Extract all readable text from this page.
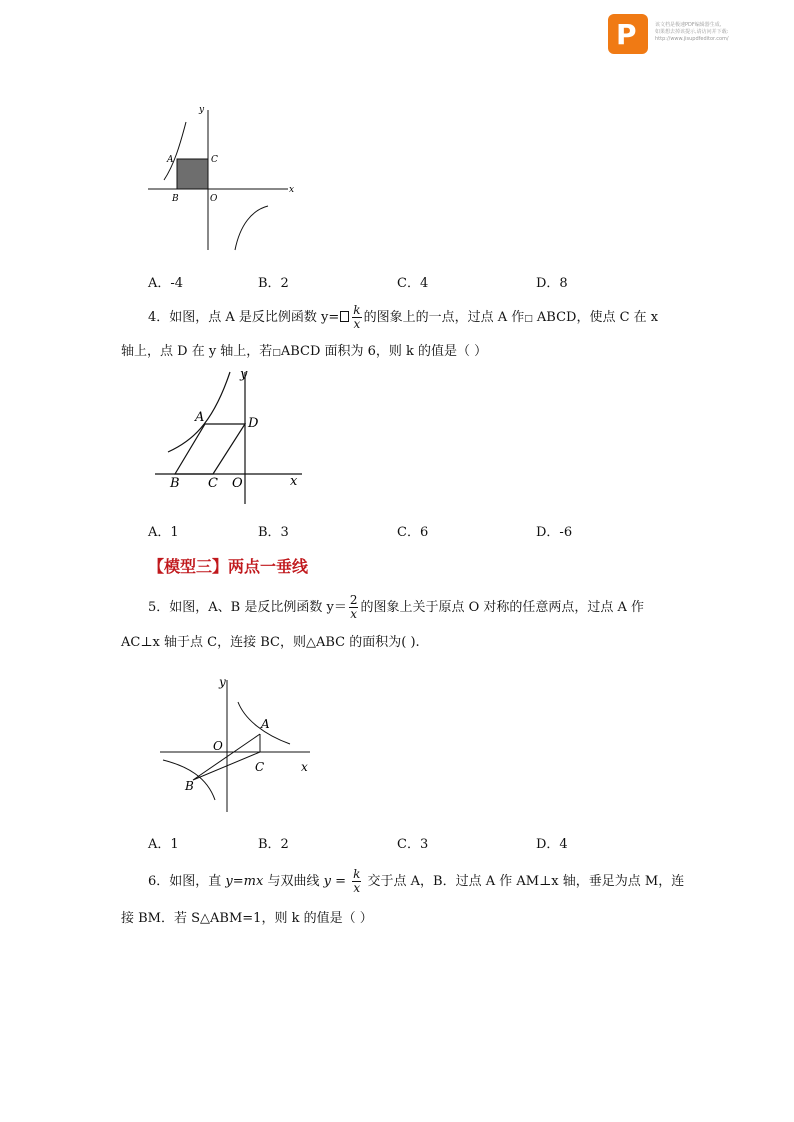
P	该文档是极速PDF编辑器生成,
如果想去掉该提示,请访问并下载:
http://www.jisupdfeditor.com/
y
x
A	C
B	O
A．-4	B．2	C．4	D．8
4．如图，点 A 是反比例函数 $y= \frac{k}{x}$ 的图象上的一点，过点 A 作□ ABCD，使点 C 在 x
轴上，点 D 在 y 轴上，若□ABCD 面积为 6，则 k 的值是（ ）
y
x
A	D
B C O
A．1	B．3	C．6	D．-6
【模型三】两点一垂线
5．如图，A、B 是反比例函数 $y= \frac{2}{x}$ 的图象上关于原点 O 对称的任意两点，过点 A 作
AC⊥x 轴于点 C，连接 BC，则△ABC 的面积为( ).
y
x
A
O
C
B
A．1	B．2	C．3	D．4
6．如图，直 y=mx 与双曲线 $y = \frac{k}{x}$ 交于点 A，B．过点 A 作 AM⊥x 轴，垂足为点 M，连
接 BM．若 S△ABM=1，则 k 的值是（ ）
